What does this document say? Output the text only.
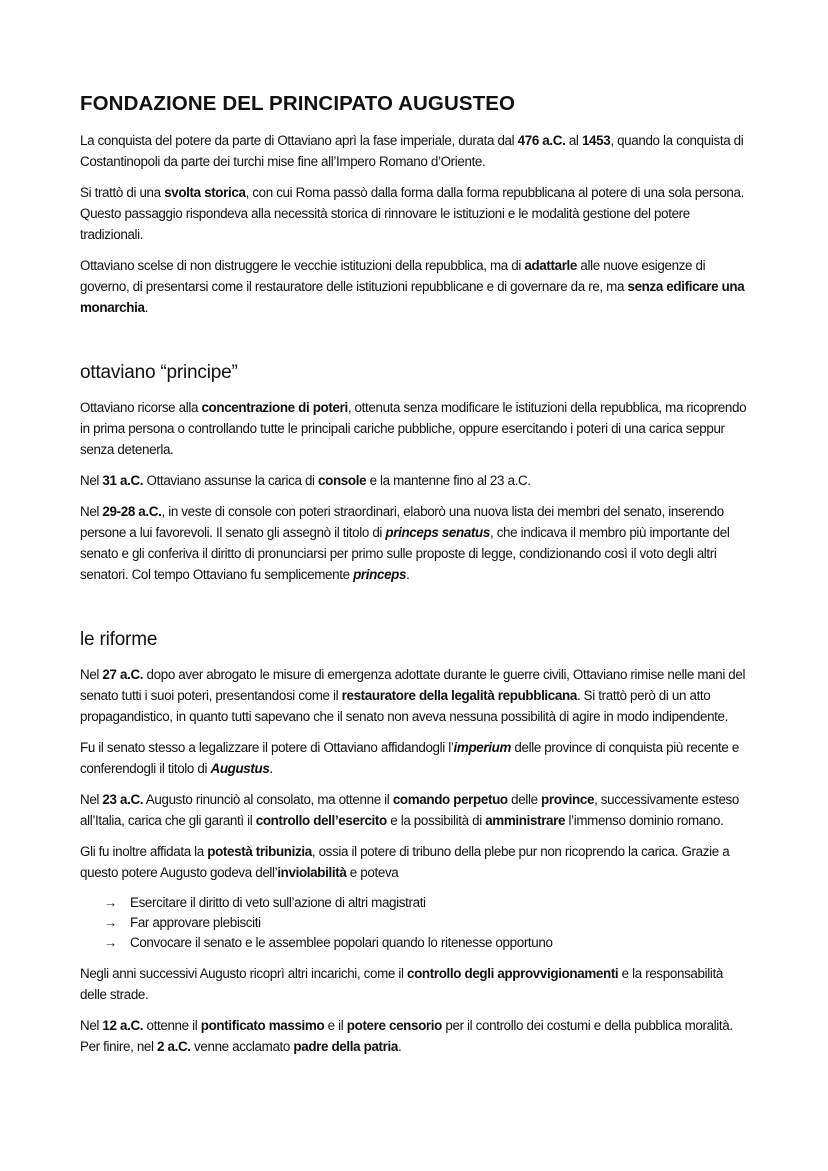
FONDAZIONE DEL PRINCIPATO AUGUSTEO

La conquista del potere da parte di Ottaviano aprì la fase imperiale, durata dal 476 a.C. al 1453, quando la conquista di Costantinopoli da parte dei turchi mise fine all’Impero Romano d’Oriente.

Si trattò di una svolta storica, con cui Roma passò dalla forma dalla forma repubblicana al potere di una sola persona. Questo passaggio rispondeva alla necessità storica di rinnovare le istituzioni e le modalità gestione del potere tradizionali.

Ottaviano scelse di non distruggere le vecchie istituzioni della repubblica, ma di adattarle alle nuove esigenze di governo, di presentarsi come il restauratore delle istituzioni repubblicane e di governare da re, ma senza edificare una monarchia.

ottaviano “principe”

Ottaviano ricorse alla concentrazione di poteri, ottenuta senza modificare le istituzioni della repubblica, ma ricoprendo in prima persona o controllando tutte le principali cariche pubbliche, oppure esercitando i poteri di una carica seppur senza detenerla.

Nel 31 a.C. Ottaviano assunse la carica di console e la mantenne fino al 23 a.C.

Nel 29-28 a.C., in veste di console con poteri straordinari, elaborò una nuova lista dei membri del senato, inserendo persone a lui favorevoli. Il senato gli assegnò il titolo di princeps senatus, che indicava il membro più importante del senato e gli conferiva il diritto di pronunciarsi per primo sulle proposte di legge, condizionando così il voto degli altri senatori. Col tempo Ottaviano fu semplicemente princeps.

le riforme

Nel 27 a.C. dopo aver abrogato le misure di emergenza adottate durante le guerre civili, Ottaviano rimise nelle mani del senato tutti i suoi poteri, presentandosi come il restauratore della legalità repubblicana. Si trattò però di un atto propagandistico, in quanto tutti sapevano che il senato non aveva nessuna possibilità di agire in modo indipendente.

Fu il senato stesso a legalizzare il potere di Ottaviano affidandogli l’imperium delle province di conquista più recente e conferendogli il titolo di Augustus.

Nel 23 a.C. Augusto rinunciò al consolato, ma ottenne il comando perpetuo delle province, successivamente esteso all’Italia, carica che gli garantì il controllo dell’esercito e la possibilità di amministrare l’immenso dominio romano.

Gli fu inoltre affidata la potestà tribunizia, ossia il potere di tribuno della plebe pur non ricoprendo la carica. Grazie a questo potere Augusto godeva dell’inviolabilità e poteva

→ Esercitare il diritto di veto sull’azione di altri magistrati
→ Far approvare plebisciti
→ Convocare il senato e le assemblee popolari quando lo ritenesse opportuno

Negli anni successivi Augusto ricoprì altri incarichi, come il controllo degli approvvigionamenti e la responsabilità delle strade.

Nel 12 a.C. ottenne il pontificato massimo e il potere censorio per il controllo dei costumi e della pubblica moralità. Per finire, nel 2 a.C. venne acclamato padre della patria.
